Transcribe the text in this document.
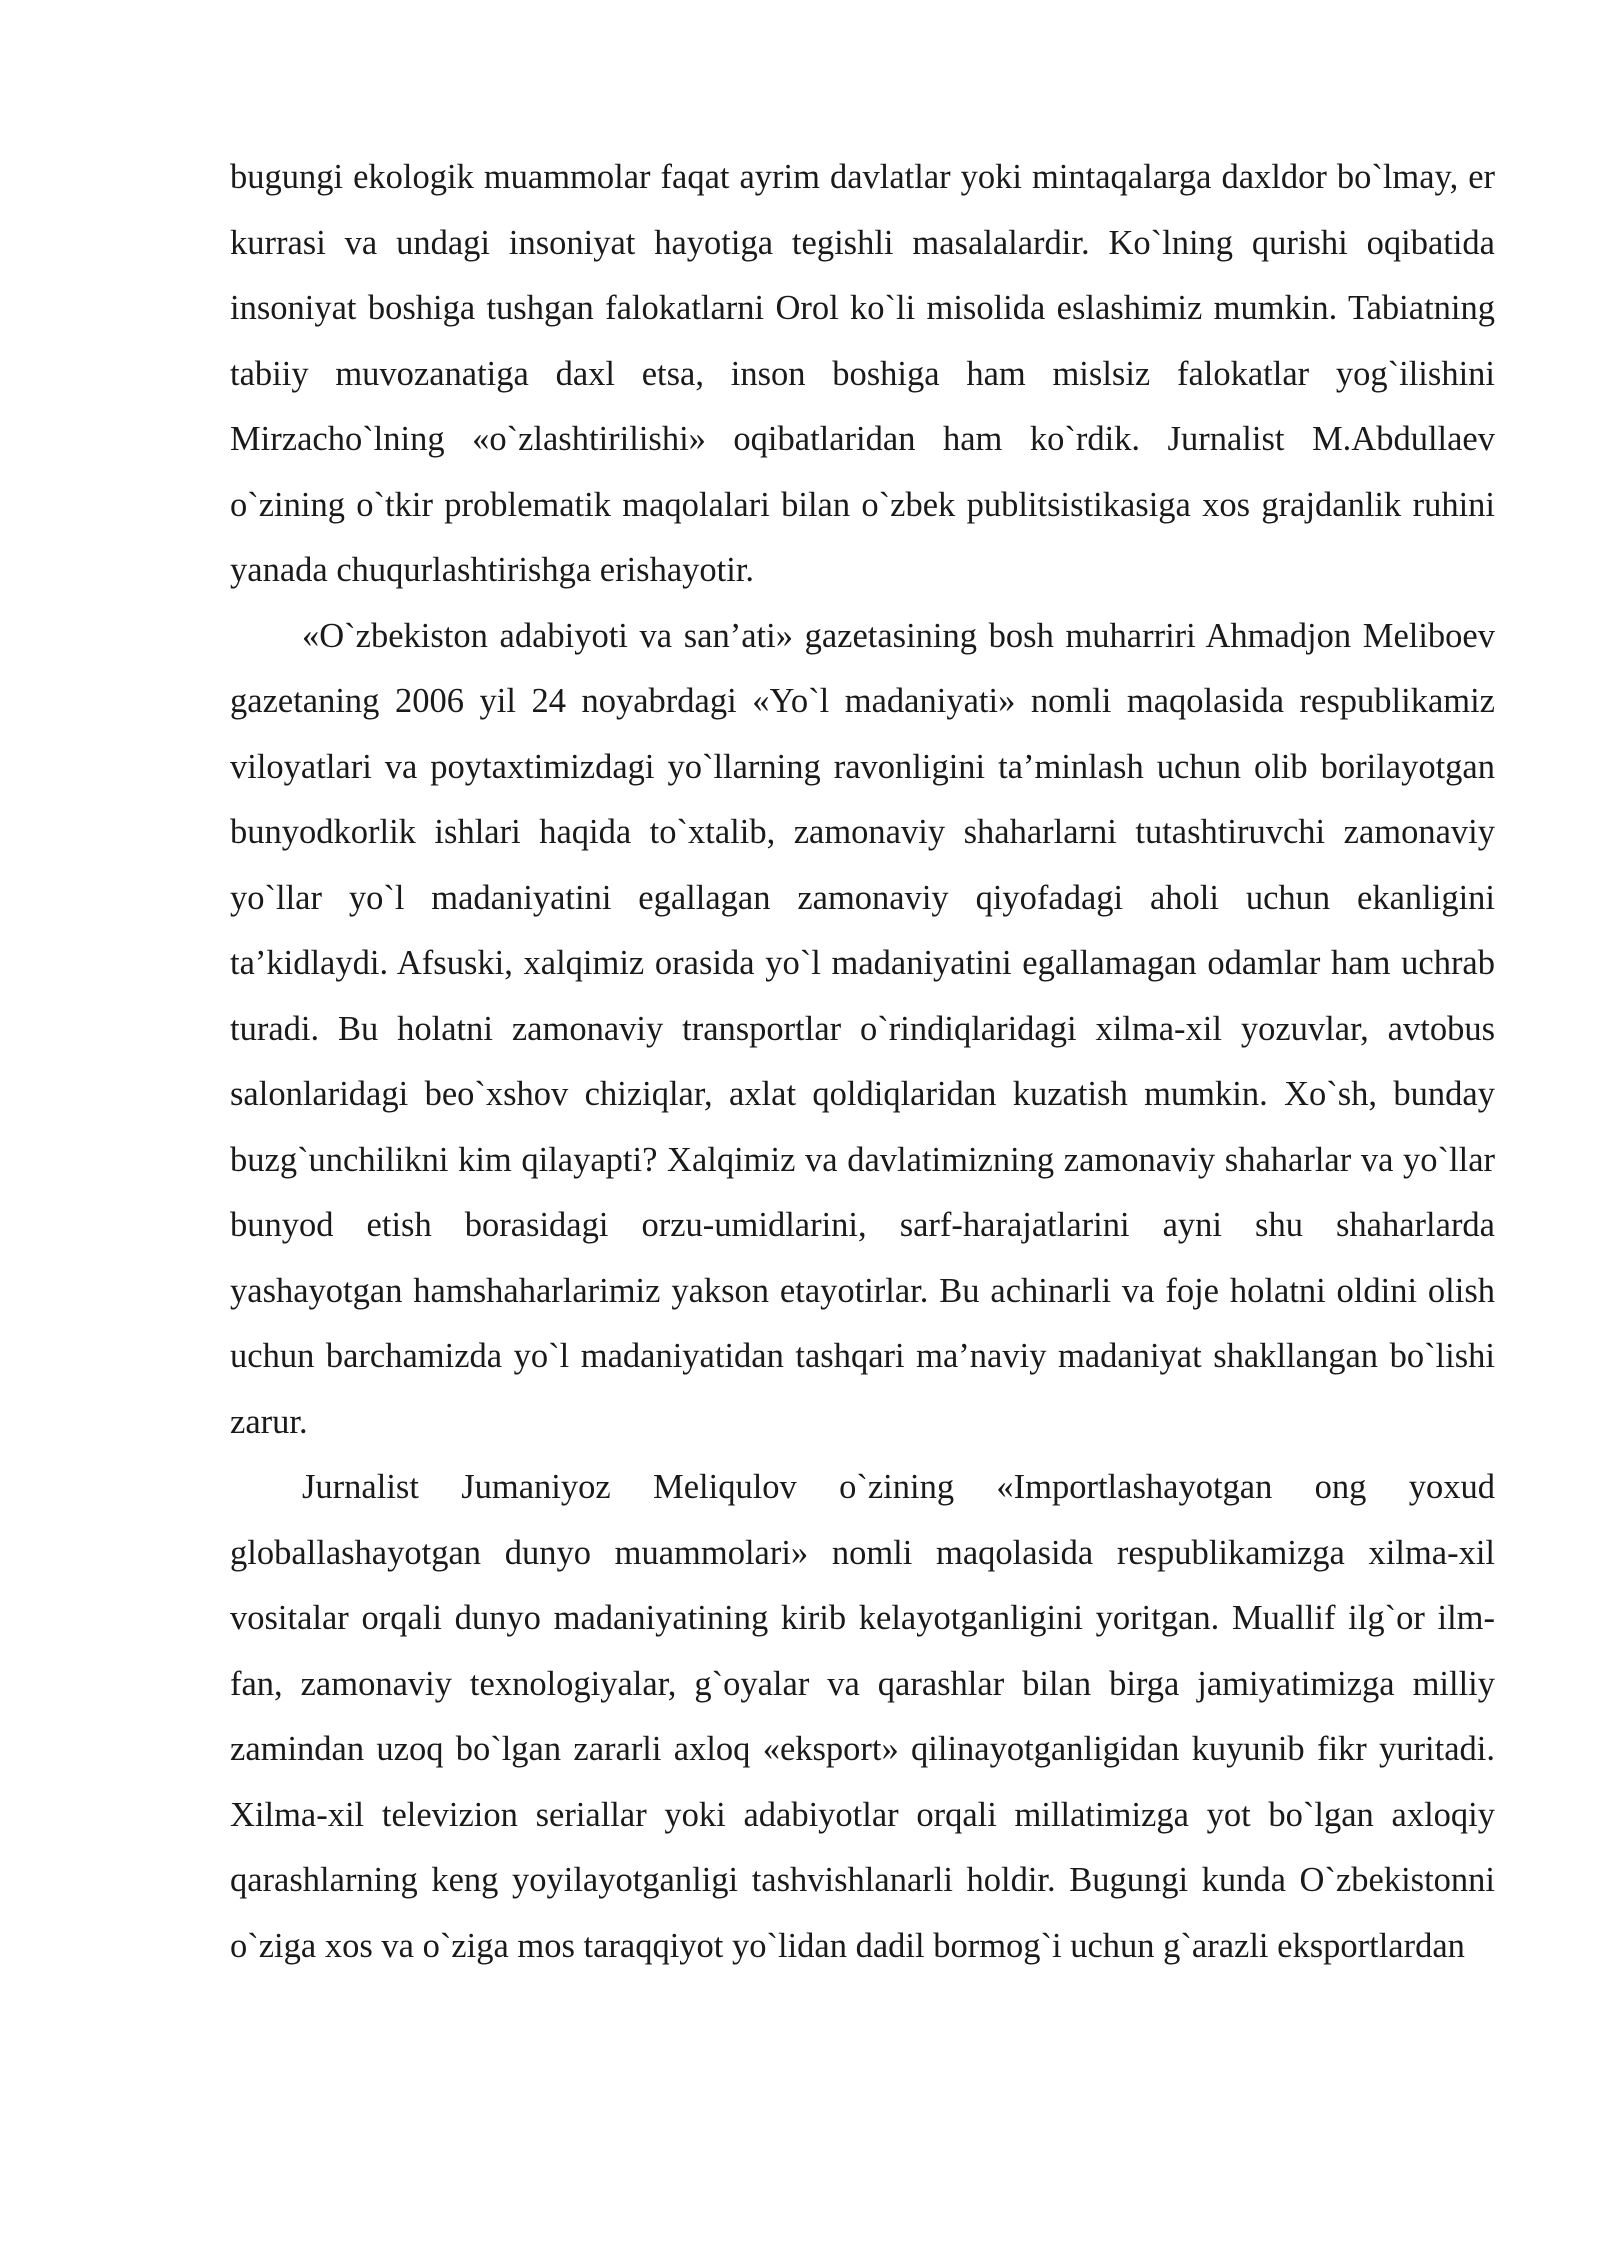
bugungi ekologik muammolar faqat ayrim davlatlar yoki mintaqalarga daxldor bo`lmay, er kurrasi va undagi insoniyat hayotiga tegishli masalalardir. Ko`lning qurishi oqibatida insoniyat boshiga tushgan falokatlarni Orol ko`li misolida eslashimiz mumkin. Tabiatning tabiiy muvozanatiga daxl etsa, inson boshiga ham mislsiz falokatlar yog`ilishini Mirzacho`lning «o`zlashtirilishi» oqibatlaridan ham ko`rdik. Jurnalist M.Abdullaev o`zining o`tkir problematik maqolalari bilan o`zbek publitsistikasiga xos grajdanlik ruhini yanada chuqurlashtirishga erishayotir.

«O`zbekiston adabiyoti va san’ati» gazetasining bosh muharriri Ahmadjon Meliboev gazetaning 2006 yil 24 noyabrdagi «Yo`l madaniyati» nomli maqolasida respublikamiz viloyatlari va poytaxtimizdagi yo`llarning ravonligini ta’minlash uchun olib borilayotgan bunyodkorlik ishlari haqida to`xtalib, zamonaviy shaharlarni tutashtiruvchi zamonaviy yo`llar yo`l madaniyatini egallagan zamonaviy qiyofadagi aholi uchun ekanligini ta’kidlaydi. Afsuski, xalqimiz orasida yo`l madaniyatini egallamagan odamlar ham uchrab turadi. Bu holatni zamonaviy transportlar o`rindiqlaridagi xilma-xil yozuvlar, avtobus salonlaridagi beo`xshov chiziqlar, axlat qoldiqlaridan kuzatish mumkin. Xo`sh, bunday buzg`unchilikni kim qilayapti? Xalqimiz va davlatimizning zamonaviy shaharlar va yo`llar bunyod etish borasidagi orzu-umidlarini, sarf-harajatlarini ayni shu shaharlarda yashayotgan hamshaharlarimiz yakson etayotirlar. Bu achinarli va foje holatni oldini olish uchun barchamizda yo`l madaniyatidan tashqari ma’naviy madaniyat shakllangan bo`lishi zarur.

Jurnalist Jumaniyoz Meliqulov o`zining «Importlashayotgan ong yoxud globallashayotgan dunyo muammolari» nomli maqolasida respublikamizga xilma-xil vositalar orqali dunyo madaniyatining kirib kelayotganligini yoritgan. Muallif ilg`or ilm-fan, zamonaviy texnologiyalar, g`oyalar va qarashlar bilan birga jamiyatimizga milliy zamindan uzoq bo`lgan zararli axloq «eksport» qilinayotganligidan kuyunib fikr yuritadi. Xilma-xil televizion seriallar yoki adabiyotlar orqali millatimizga yot bo`lgan axloqiy qarashlarning keng yoyilayotganligi tashvishlanarli holdir. Bugungi kunda O`zbekistonni o`ziga xos va o`ziga mos taraqqiyot yo`lidan dadil bormog`i uchun g`arazli eksportlardan
